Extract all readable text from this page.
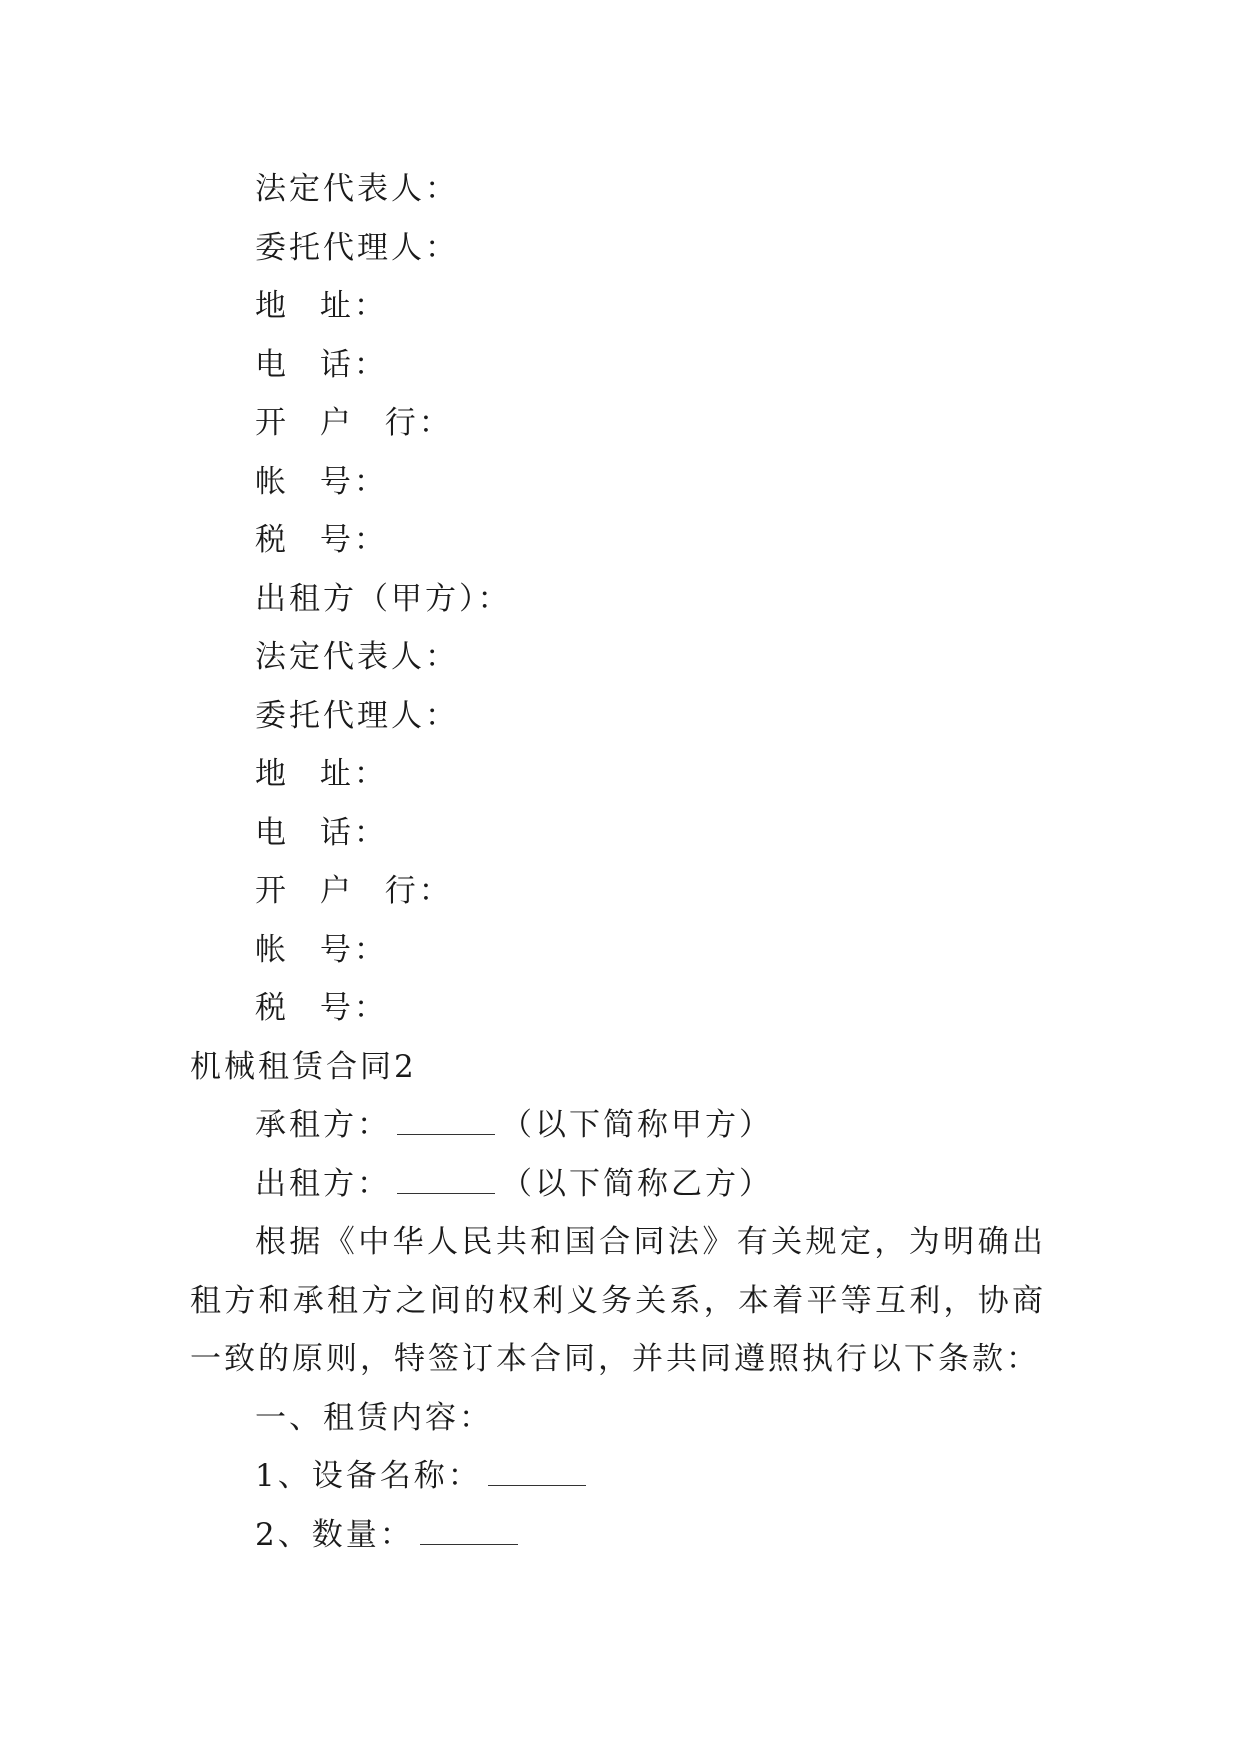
法定代表人：
委托代理人：
地 址：
电 话：
开 户 行：
帐 号：
税 号：
出租方（甲方）：
法定代表人：
委托代理人：
地 址：
电 话：
开 户 行：
帐 号：
税 号：
机械租赁合同2
承租方：	（以下简称甲方）
出租方：	（以下简称乙方）
根据《中华人民共和国合同法》有关规定，为明确出租方和承租方之间的权利义务关系，本着平等互利，协商一致的原则，特签订本合同，并共同遵照执行以下条款：
一、租赁内容：
1、设备名称：
2、数量：
